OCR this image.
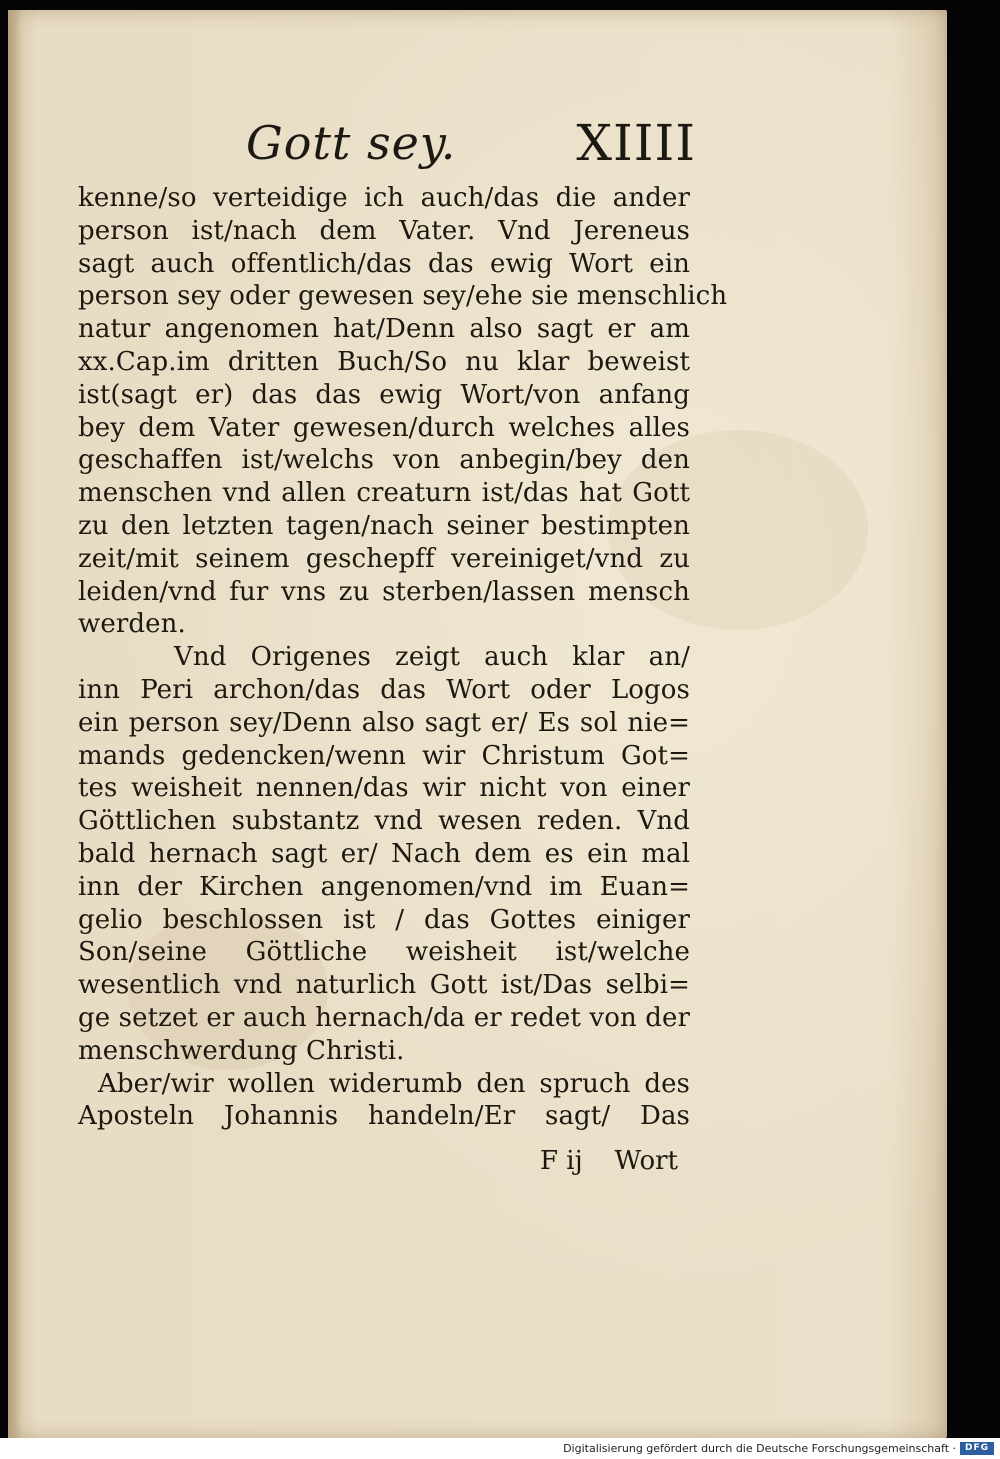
Gott sey. XIIII
kenne/so verteidige ich auch/das die ander
person ist/nach dem Vater. Vnd Jereneus
sagt auch offentlich/das das ewig Wort ein
person sey oder gewesen sey/ehe sie menschlich
natur angenomen hat/Denn also sagt er am
xx.Cap.im dritten Buch/So nu klar beweist
ist(sagt er) das das ewig Wort/von anfang
bey dem Vater gewesen/durch welches alles
geschaffen ist/welchs von anbegin/bey den
menschen vnd allen creaturn ist/das hat Gott
zu den letzten tagen/nach seiner bestimpten
zeit/mit seinem geschepff vereiniget/vnd zu
leiden/vnd fur vns zu sterben/lassen mensch
werden.
Vnd Origenes zeigt auch klar an/
inn Peri archon/das das Wort oder Logos
ein person sey/Denn also sagt er/ Es sol nie=
mands gedencken/wenn wir Christum Got=
tes weisheit nennen/das wir nicht von einer
Göttlichen substantz vnd wesen reden. Vnd
bald hernach sagt er/ Nach dem es ein mal
inn der Kirchen angenomen/vnd im Euan=
gelio beschlossen ist / das Gottes einiger
Son/seine Göttliche weisheit ist/welche
wesentlich vnd naturlich Gott ist/Das selbi=
ge setzet er auch hernach/da er redet von der
menschwerdung Christi.
Aber/wir wollen widerumb den spruch des
Aposteln Johannis handeln/Er sagt/ Das
F ij Wort
Digitalisierung gefördert durch die Deutsche Forschungsgemeinschaft · DFG
